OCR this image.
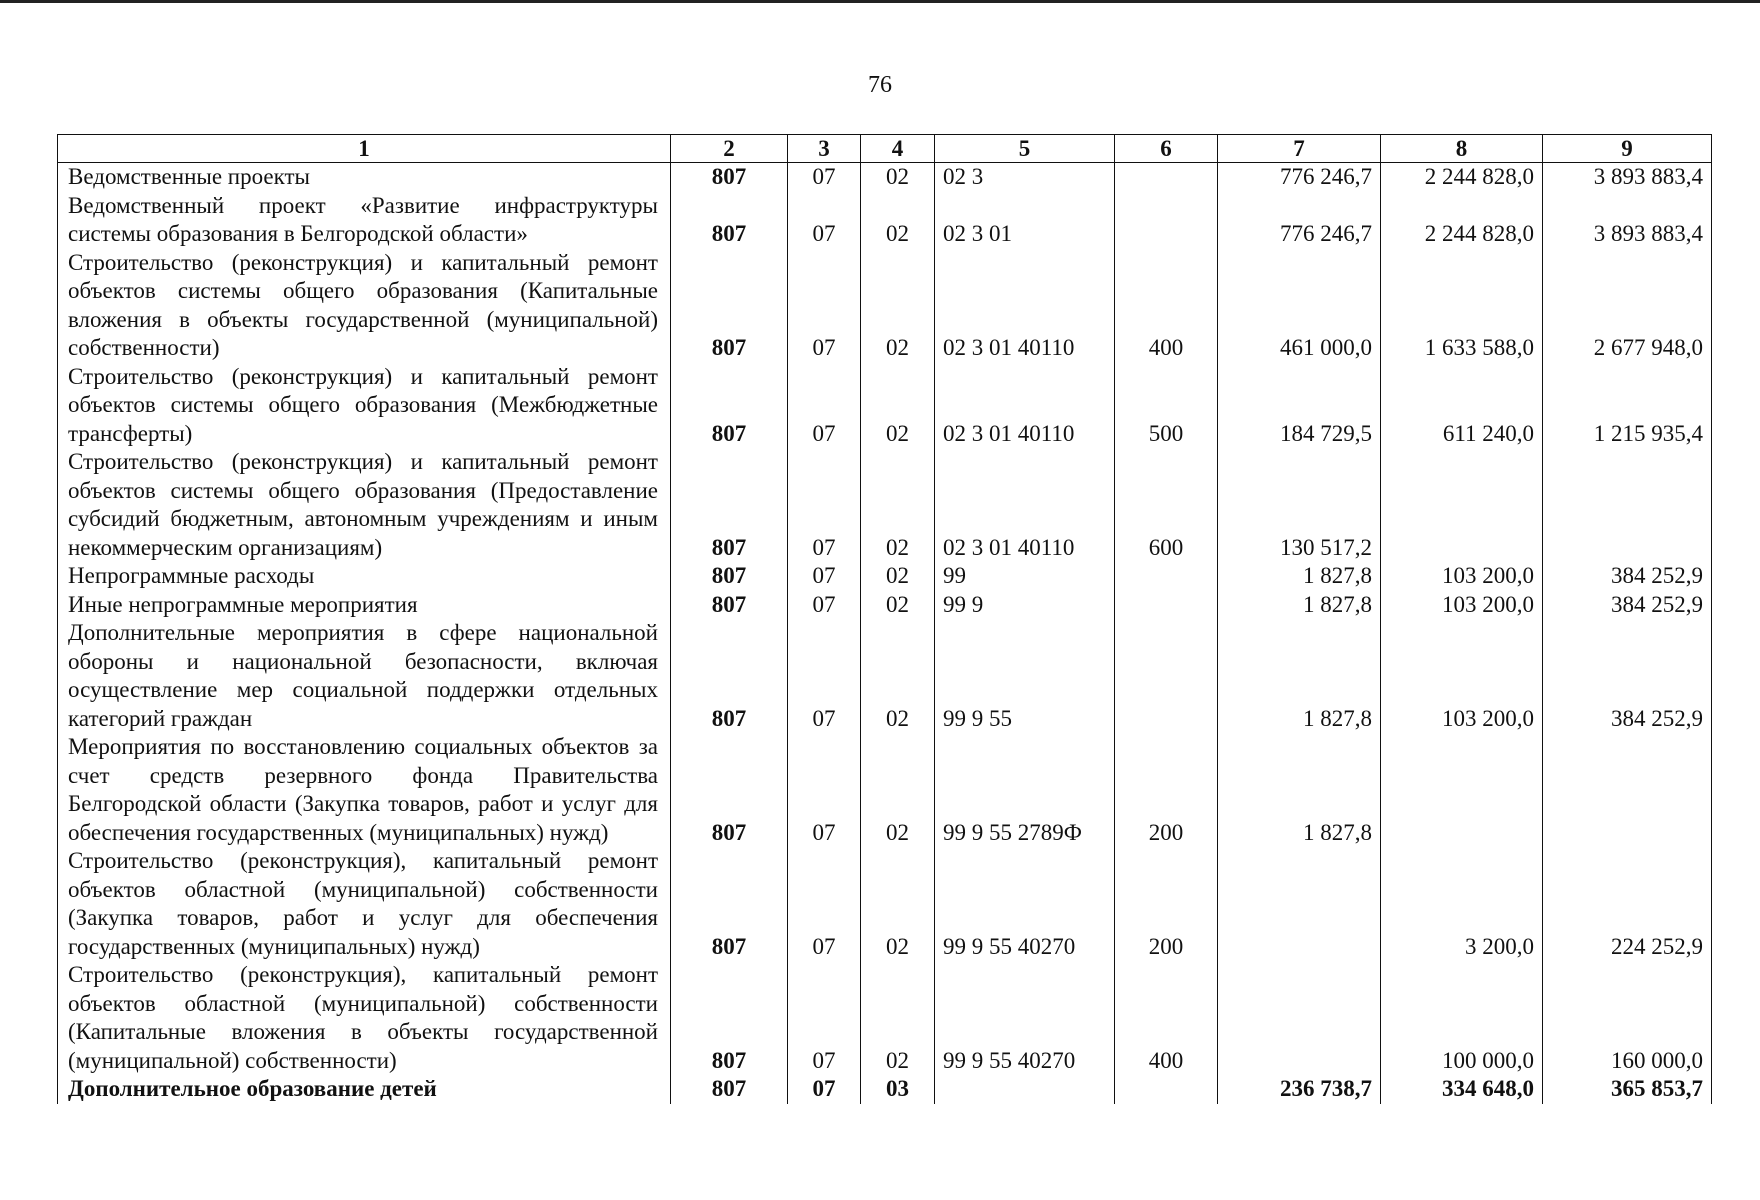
76
1	2	3	4	5	6	7	8	9
Ведомственные проекты	807	07	02	02 3		776 246,7	2 244 828,0	3 893 883,4
Ведомственный проект «Развитие инфраструктуры системы образования в Белгородской области»	807	07	02	02 3 01		776 246,7	2 244 828,0	3 893 883,4
Строительство (реконструкция) и капитальный ремонт объектов системы общего образования (Капитальные вложения в объекты государственной (муниципальной) собственности)	807	07	02	02 3 01 40110	400	461 000,0	1 633 588,0	2 677 948,0
Строительство (реконструкция) и капитальный ремонт объектов системы общего образования (Межбюджетные трансферты)	807	07	02	02 3 01 40110	500	184 729,5	611 240,0	1 215 935,4
Строительство (реконструкция) и капитальный ремонт объектов системы общего образования (Предоставление субсидий бюджетным, автономным учреждениям и иным некоммерческим организациям)	807	07	02	02 3 01 40110	600	130 517,2		
Непрограммные расходы	807	07	02	99		1 827,8	103 200,0	384 252,9
Иные непрограммные мероприятия	807	07	02	99 9		1 827,8	103 200,0	384 252,9
Дополнительные мероприятия в сфере национальной обороны и национальной безопасности, включая осуществление мер социальной поддержки отдельных категорий граждан	807	07	02	99 9 55		1 827,8	103 200,0	384 252,9
Мероприятия по восстановлению социальных объектов за счет средств резервного фонда Правительства Белгородской области (Закупка товаров, работ и услуг для обеспечения государственных (муниципальных) нужд)	807	07	02	99 9 55 2789Ф	200	1 827,8		
Строительство (реконструкция), капитальный ремонт объектов областной (муниципальной) собственности (Закупка товаров, работ и услуг для обеспечения государственных (муниципальных) нужд)	807	07	02	99 9 55 40270	200		3 200,0	224 252,9
Строительство (реконструкция), капитальный ремонт объектов областной (муниципальной) собственности (Капитальные вложения в объекты государственной (муниципальной) собственности)	807	07	02	99 9 55 40270	400		100 000,0	160 000,0
Дополнительное образование детей	807	07	03			236 738,7	334 648,0	365 853,7
